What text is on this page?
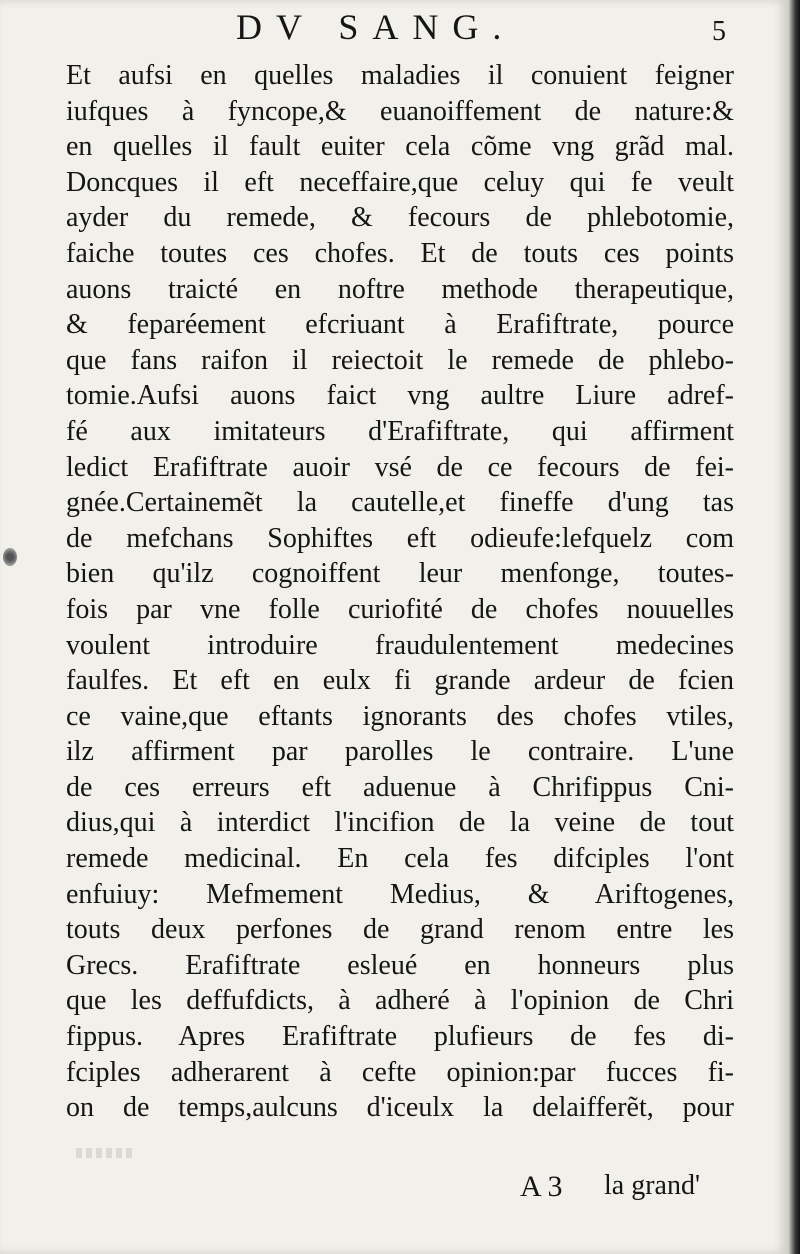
DV SANG.	5
Et aufsi en quelles maladies il conuient feigner
iufques à fyncope,& euanoiffement de nature:&
en quelles il fault euiter cela cõme vng grãd mal.
Doncques il eft neceffaire,que celuy qui fe veult
ayder du remede, & fecours de phlebotomie,
faiche toutes ces chofes. Et de touts ces points
auons traicté en noftre methode therapeutique,
& feparéement efcriuant à Erafiftrate, pource
que fans raifon il reiectoit le remede de phlebo-
tomie.Aufsi auons faict vng aultre Liure adref-
fé aux imitateurs d'Erafiftrate, qui affirment
ledict Erafiftrate auoir vsé de ce fecours de fei-
gnée.Certainemẽt la cautelle,et fineffe d'ung tas
de mefchans Sophiftes eft odieufe:lefquelz com
bien qu'ilz cognoiffent leur menfonge, toutes-
fois par vne folle curiofité de chofes nouuelles
voulent introduire fraudulentement medecines
faulfes. Et eft en eulx fi grande ardeur de fcien
ce vaine,que eftants ignorants des chofes vtiles,
ilz affirment par parolles le contraire. L'une
de ces erreurs eft aduenue à Chrifippus Cni-
dius,qui à interdict l'incifion de la veine de tout
remede medicinal. En cela fes difciples l'ont
enfuiuy: Mefmement Medius, & Ariftogenes,
touts deux perfones de grand renom entre les
Grecs. Erafiftrate esleué en honneurs plus
que les deffufdicts, à adheré à l'opinion de Chri
fippus. Apres Erafiftrate plufieurs de fes di-
fciples adherarent à cefte opinion:par fucces fi-
on de temps,aulcuns d'iceulx la delaifferẽt, pour
A 3 la grand'
